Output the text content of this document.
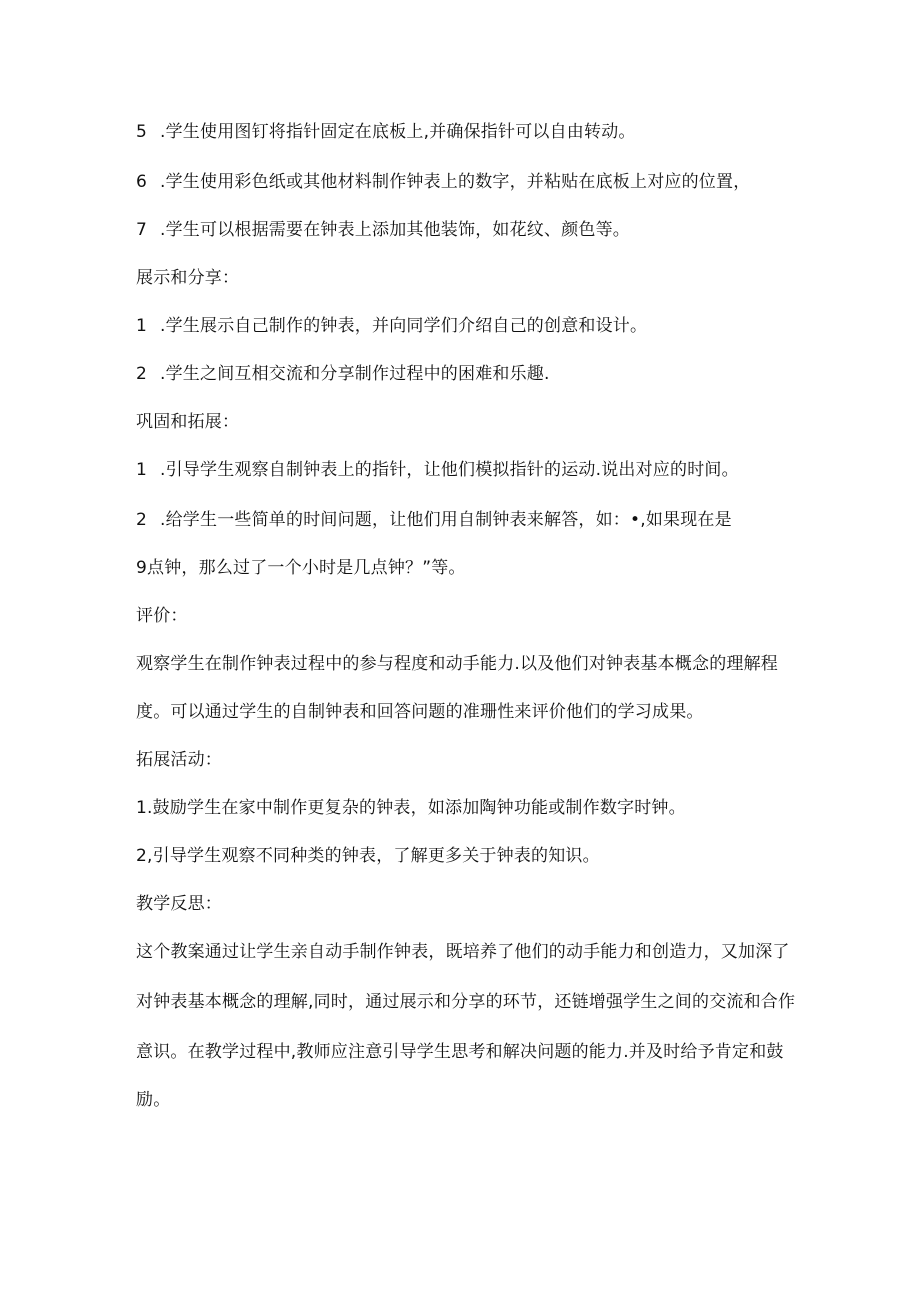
5 .学生使用图钉将指针固定在底板上,并确保指针可以自由转动。
6 .学生使用彩色纸或其他材料制作钟表上的数字，并粘贴在底板上对应的位置，
7 .学生可以根据需要在钟表上添加其他装饰，如花纹、颜色等。
展示和分享：
1 .学生展示自己制作的钟表，并向同学们介绍自己的创意和设计。
2 .学生之间互相交流和分享制作过程中的困难和乐趣.
巩固和拓展：
1 .引导学生观察自制钟表上的指针，让他们模拟指针的运动.说出对应的时间。
2 .给学生一些简单的时间问题，让他们用自制钟表来解答，如：•,如果现在是
9点钟，那么过了一个小时是几点钟？”等。
评价：
观察学生在制作钟表过程中的参与程度和动手能力.以及他们对钟表基本概念的理解程
度。可以通过学生的自制钟表和回答问题的准珊性来评价他们的学习成果。
拓展活动：
1.鼓励学生在家中制作更复杂的钟表，如添加陶钟功能或制作数字时钟。
2,引导学生观察不同种类的钟表，了解更多关于钟表的知识。
教学反思：
这个教案通过让学生亲自动手制作钟表，既培养了他们的动手能力和创造力，又加深了
对钟表基本概念的理解,同时，通过展示和分享的环节，还链增强学生之间的交流和合作
意识。在教学过程中,教师应注意引导学生思考和解决问题的能力.并及时给予肯定和鼓
励。
